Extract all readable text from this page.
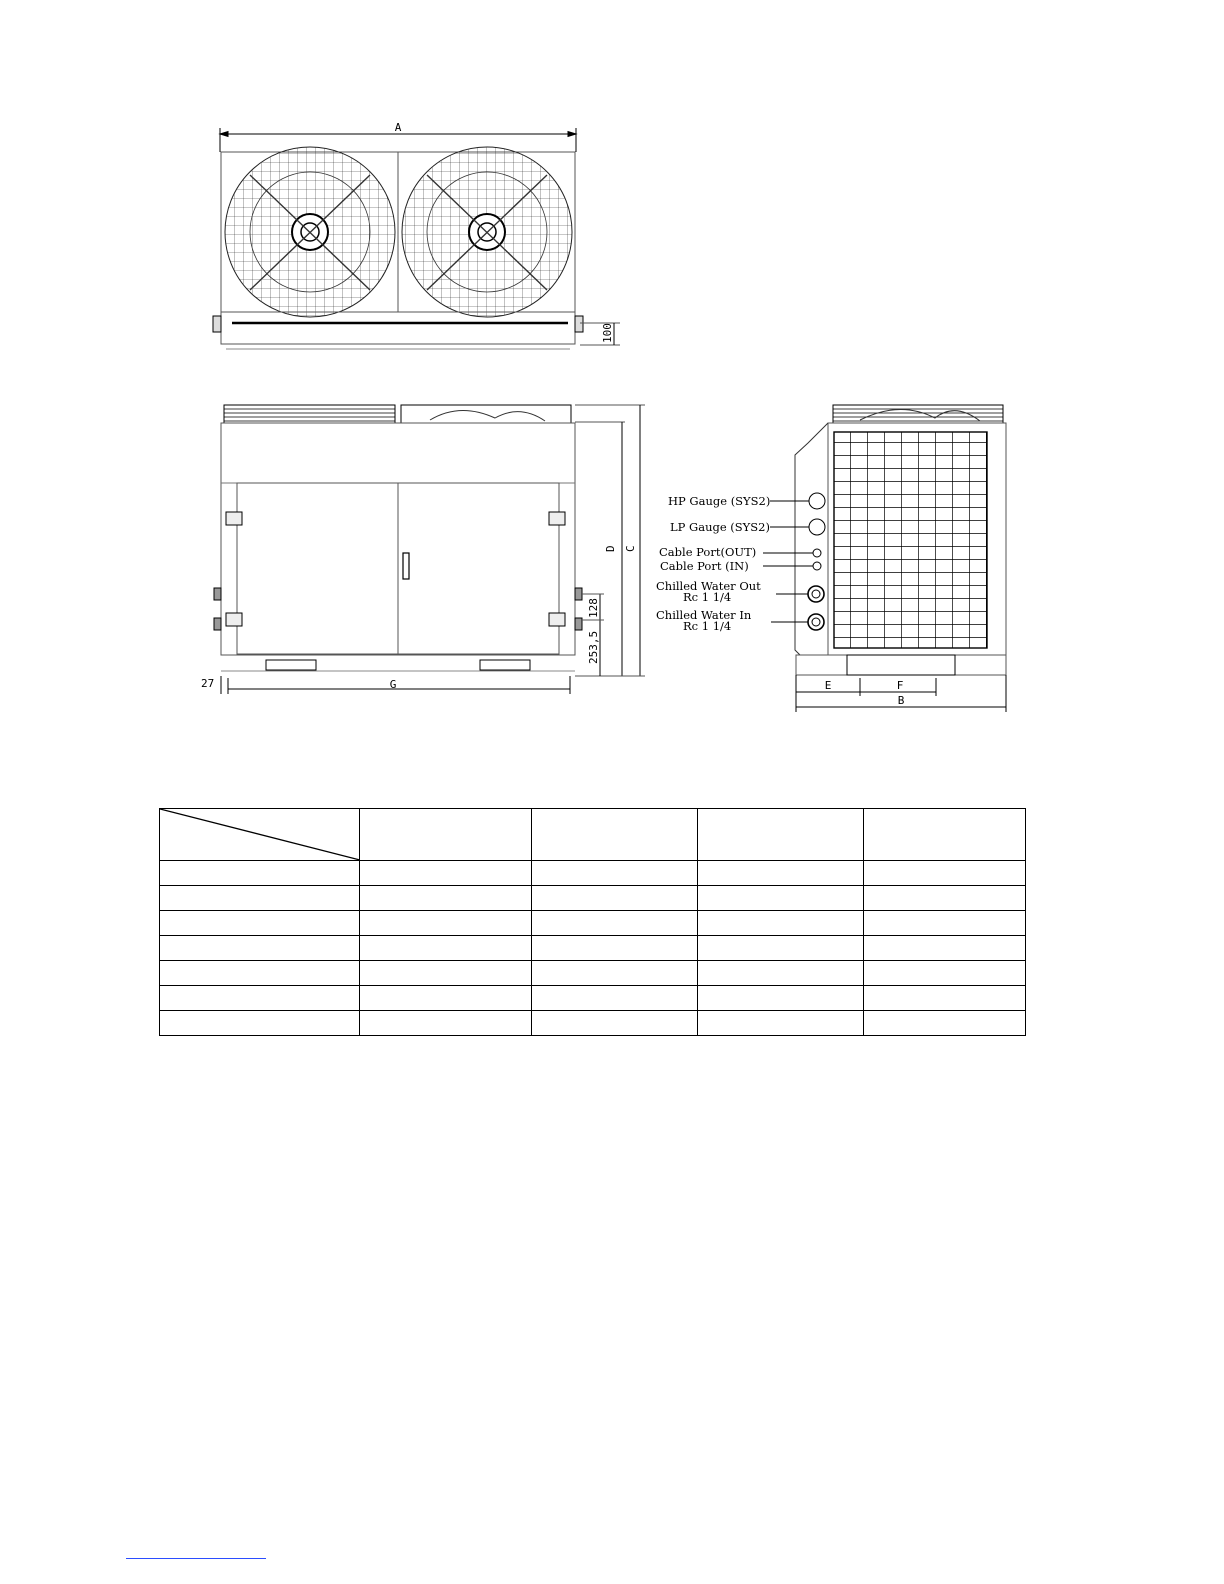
A
100
D C
128
253,5
27	G
HP Gauge (SYS2)
LP Gauge (SYS2)
Cable Port(OUT)
Cable Port (IN)
Chilled Water Out
Rc 1 1/4
Chilled Water In
Rc 1 1/4
E	F
B
